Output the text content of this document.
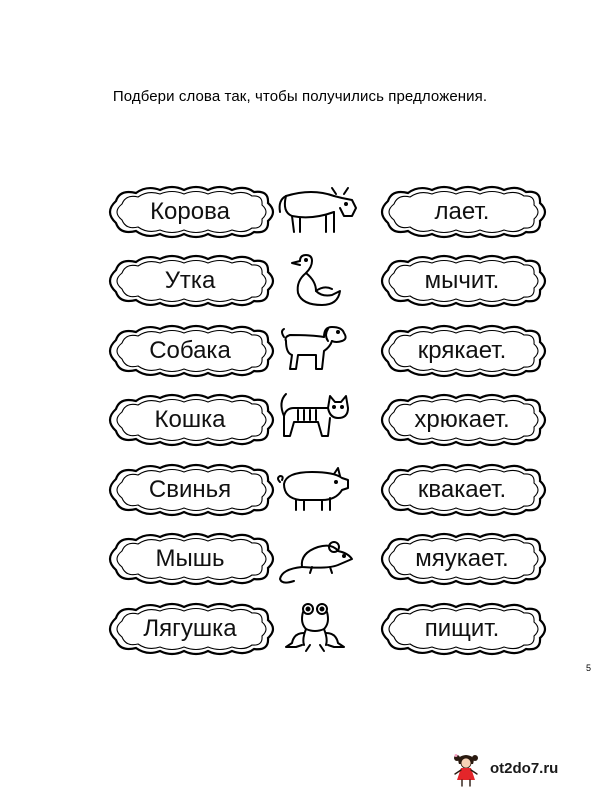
Подбери слова так, чтобы получились предложения.
Корова	лает.
Утка	мычит.
Собака	крякает.
Кошка	хрюкает.
Свинья	квакает.
Мышь	мяукает.
Лягушка	пищит.
5
ot2do7.ru
